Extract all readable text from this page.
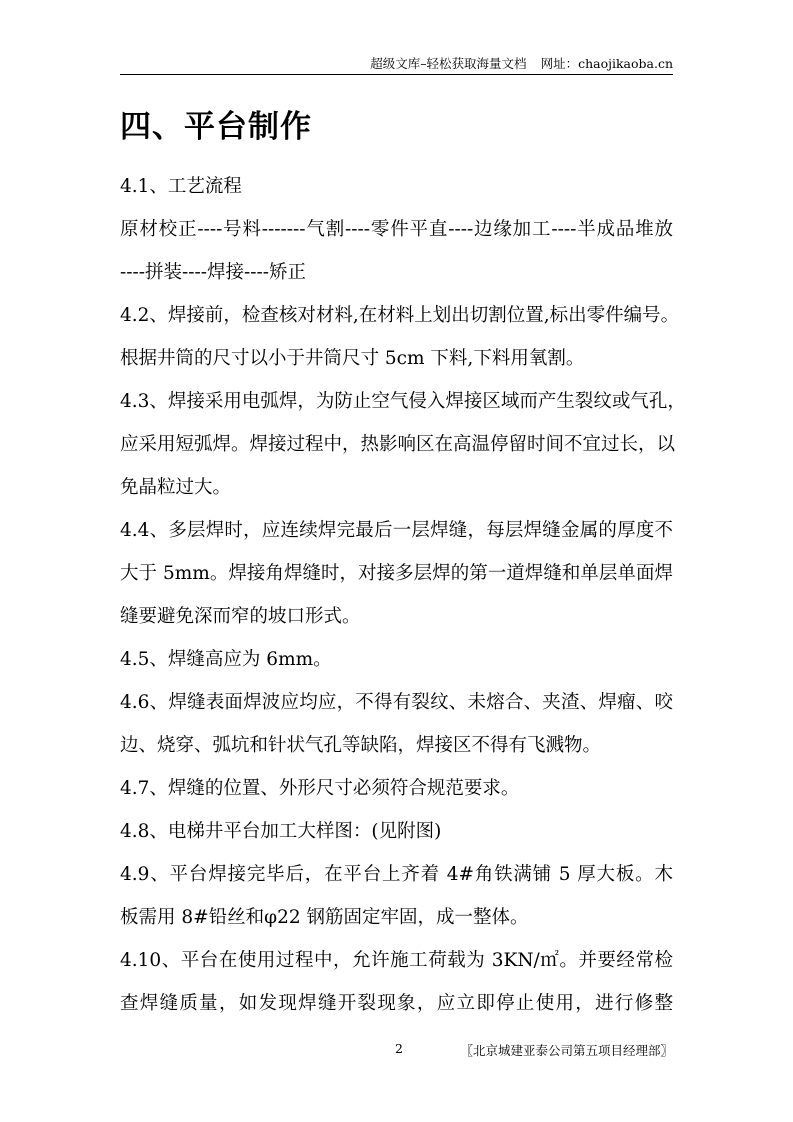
超级文库–轻松获取海量文档 网址：chaojikaoba.cn
四、平台制作
4.1、工艺流程
原材校正----号料-------气割----零件平直----边缘加工----半成品堆放
----拼装----焊接----矫正
4.2、焊接前，检查核对材料,在材料上划出切割位置,标出零件编号。
根据井筒的尺寸以小于井筒尺寸 5cm 下料,下料用氧割。
4.3、焊接采用电弧焊，为防止空气侵入焊接区域而产生裂纹或气孔，
应采用短弧焊。焊接过程中，热影响区在高温停留时间不宜过长，以
免晶粒过大。
4.4、多层焊时，应连续焊完最后一层焊缝，每层焊缝金属的厚度不
大于 5mm。焊接角焊缝时，对接多层焊的第一道焊缝和单层单面焊
缝要避免深而窄的坡口形式。
4.5、焊缝高应为 6mm。
4.6、焊缝表面焊波应均应，不得有裂纹、未熔合、夹渣、焊瘤、咬
边、烧穿、弧坑和针状气孔等缺陷，焊接区不得有飞溅物。
4.7、焊缝的位置、外形尺寸必须符合规范要求。
4.8、电梯井平台加工大样图：(见附图)
4.9、平台焊接完毕后，在平台上齐着 4#角铁满铺 5 厚大板。木
板需用 8#铅丝和φ22 钢筋固定牢固，成一整体。
4.10、平台在使用过程中，允许施工荷载为 3KN/㎡。并要经常检
查焊缝质量，如发现焊缝开裂现象，应立即停止使用，进行修整
2	〖北京城建亚泰公司第五项目经理部〗
